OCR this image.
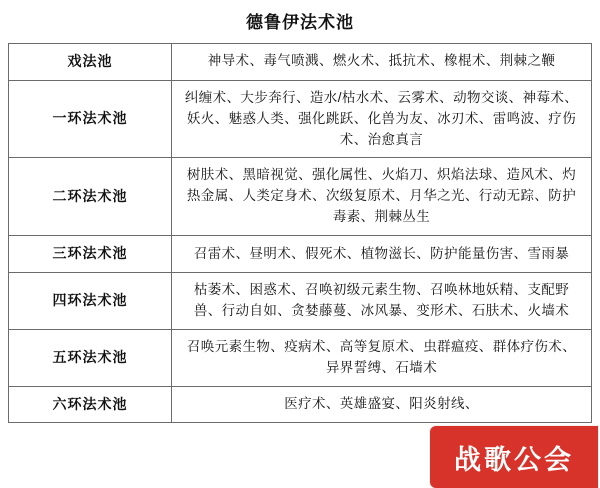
德鲁伊法术池
戏法池	神导术、毒气喷溅、燃火术、抵抗术、橡棍术、荆棘之鞭
一环法术池	纠缠术、大步奔行、造水/枯水术、云雾术、动物交谈、神莓术、妖火、魅惑人类、强化跳跃、化兽为友、冰刃术、雷鸣波、疗伤术、治愈真言
二环法术池	树肤术、黑暗视觉、强化属性、火焰刀、炽焰法球、造风术、灼热金属、人类定身术、次级复原术、月华之光、行动无踪、防护毒素、荆棘丛生
三环法术池	召雷术、昼明术、假死术、植物滋长、防护能量伤害、雪雨暴
四环法术池	枯萎术、困惑术、召唤初级元素生物、召唤林地妖精、支配野兽、行动自如、贪婪藤蔓、冰风暴、变形术、石肤术、火墙术
五环法术池	召唤元素生物、疫病术、高等复原术、虫群瘟疫、群体疗伤术、异界誓缚、石墙术
六环法术池	医疗术、英雄盛宴、阳炎射线、
战歌公会
